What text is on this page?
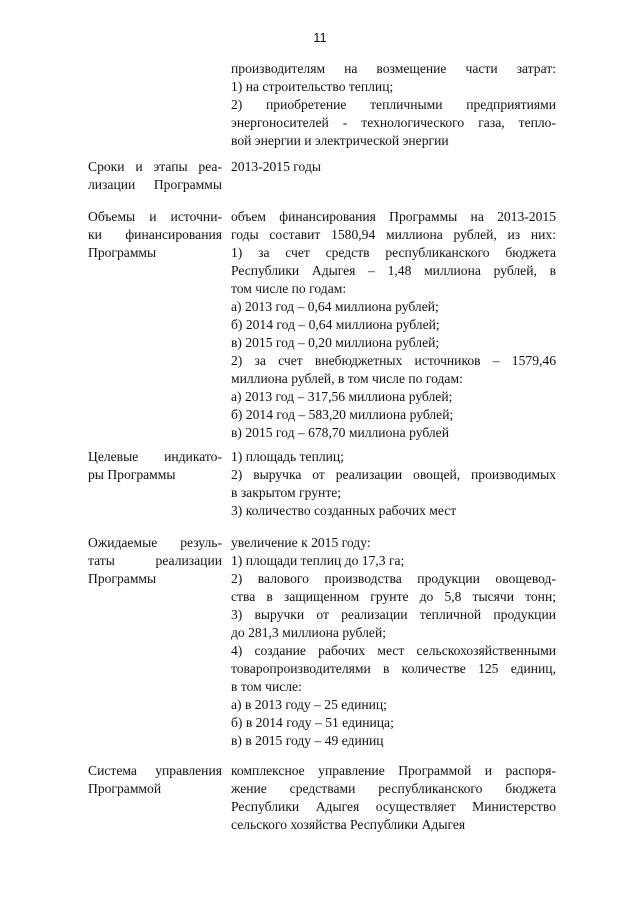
11
производителям на возмещение части затрат:
1) на строительство теплиц;
2) приобретение тепличными предприятиями
энергоносителей - технологического газа, тепло-
вой энергии и электрической энергии
Сроки и этапы реа-
лизации Программы
2013-2015 годы
Объемы и источни-
ки финансирования
Программы
объем финансирования Программы на 2013-2015
годы составит 1580,94 миллиона рублей, из них:
1) за счет средств республиканского бюджета
Республики Адыгея – 1,48 миллиона рублей, в
том числе по годам:
а) 2013 год – 0,64 миллиона рублей;
б) 2014 год – 0,64 миллиона рублей;
в) 2015 год – 0,20 миллиона рублей;
2) за счет внебюджетных источников – 1579,46
миллиона рублей, в том числе по годам:
а) 2013 год – 317,56 миллиона рублей;
б) 2014 год – 583,20 миллиона рублей;
в) 2015 год – 678,70 миллиона рублей
Целевые индикато-
ры Программы
1) площадь теплиц;
2) выручка от реализации овощей, производимых
в закрытом грунте;
3) количество созданных рабочих мест
Ожидаемые резуль-
таты реализации
Программы
увеличение к 2015 году:
1) площади теплиц до 17,3 га;
2) валового производства продукции овощевод-
ства в защищенном грунте до 5,8 тысячи тонн;
3) выручки от реализации тепличной продукции
до 281,3 миллиона рублей;
4) создание рабочих мест сельскохозяйственными
товаропроизводителями в количестве 125 единиц,
в том числе:
а) в 2013 году – 25 единиц;
б) в 2014 году – 51 единица;
в) в 2015 году – 49 единиц
Система управления
Программой
комплексное управление Программой и распоря-
жение средствами республиканского бюджета
Республики Адыгея осуществляет Министерство
сельского хозяйства Республики Адыгея
